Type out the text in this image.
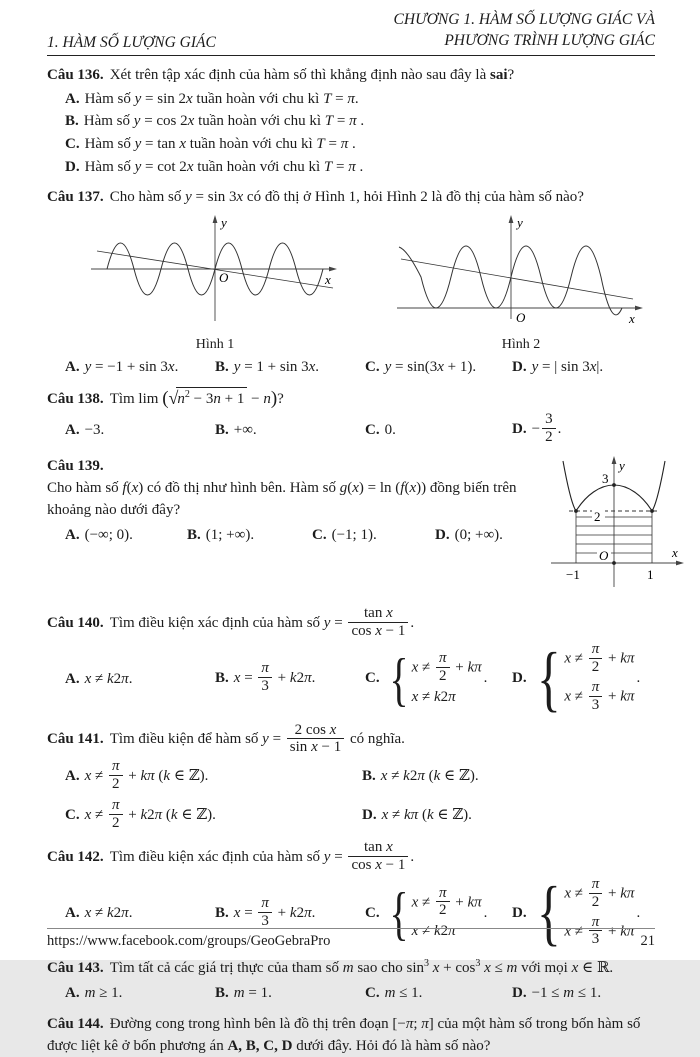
1. HÀM SỐ LƯỢNG GIÁC
CHƯƠNG 1. HÀM SỐ LƯỢNG GIÁC VÀ
PHƯƠNG TRÌNH LƯỢNG GIÁC

Câu 136. Xét trên tập xác định của hàm số thì khẳng định nào sau đây là sai?

A. Hàm số y = sin 2x tuần hoàn với chu kì T = π.
B. Hàm số y = cos 2x tuần hoàn với chu kì T = π .
C. Hàm số y = tan x tuần hoàn với chu kì T = π .
D. Hàm số y = cot 2x tuần hoàn với chu kì T = π .

Câu 137. Cho hàm số y = sin 3x có đồ thị ở Hình 1, hỏi Hình 2 là đồ thị của hàm số nào?

y
x
O
Hình 1
y
x
O
Hình 2
A. y = −1 + sin 3x.	B. y = 1 + sin 3x.	C. y = sin(3x + 1).	D. y = | sin 3x|.

Câu 138. Tìm $\lim (√n^2 - 3n + 1 - n)$?

A. −3.	B. +∞.	C. 0.	D. − $\frac{3}{2}$ .
y
x
3
2
O
−1	1

Câu 139.

Cho hàm số f(x) có đồ thị như hình bên. Hàm số g(x) = ln (f(x)) đồng biến trên khoảng nào dưới đây?

A. (−∞; 0).	B. (1; +∞).	C. (−1; 1).	D. (0; +∞).

Câu 140. Tìm điều kiện xác định của hàm số $y = \frac{\text{tan x}}{\text{cos x − 1}}$ .

A. x ≠ k2π.	B. $x = \frac{\pi}{3} + k2\pi$.	C. { $x \ne \frac{\pi}{2} + k\pi$
x ≠ k2π
.	D. { $x \ne \frac{\pi}{2} + k\pi$
$x \ne \frac{\pi}{3} + k\pi$
.

Câu 141. Tìm điều kiện để hàm số $y = \frac{\text{2 cos x}}{\text{sin x − 1}}$ có nghĩa.

A. $x \ne \frac{\pi}{2} + k\pi$ (k ∈ ℤ).	B. x ≠ k2π (k ∈ ℤ).
C. $x \ne \frac{\pi}{2} + k2\pi$ (k ∈ ℤ).	D. x ≠ kπ (k ∈ ℤ).

Câu 142. Tìm điều kiện xác định của hàm số $y = \frac{\text{tan x}}{\text{cos x − 1}}$ .

A. x ≠ k2π.	B. $x = \frac{\pi}{3} + k2\pi$.	C. { $x \ne \frac{\pi}{2} + k\pi$
x ≠ k2π
.	D. { $x \ne \frac{\pi}{2} + k\pi$
$x \ne \frac{\pi}{3} + k\pi$
.

Câu 143. Tìm tất cả các giá trị thực của tham số m sao cho $\sin^3 x + \cos^3 x \le m$ với mọi x ∈ ℝ.

A. m ≥ 1.	B. m = 1.	C. m ≤ 1.	D. −1 ≤ m ≤ 1.

Câu 144. Đường cong trong hình bên là đồ thị trên đoạn [−π; π] của một hàm số trong bốn hàm số được liệt kê ở bốn phương án A, B, C, D dưới đây. Hỏi đó là hàm số nào?

https://www.facebook.com/groups/GeoGebraPro	21
